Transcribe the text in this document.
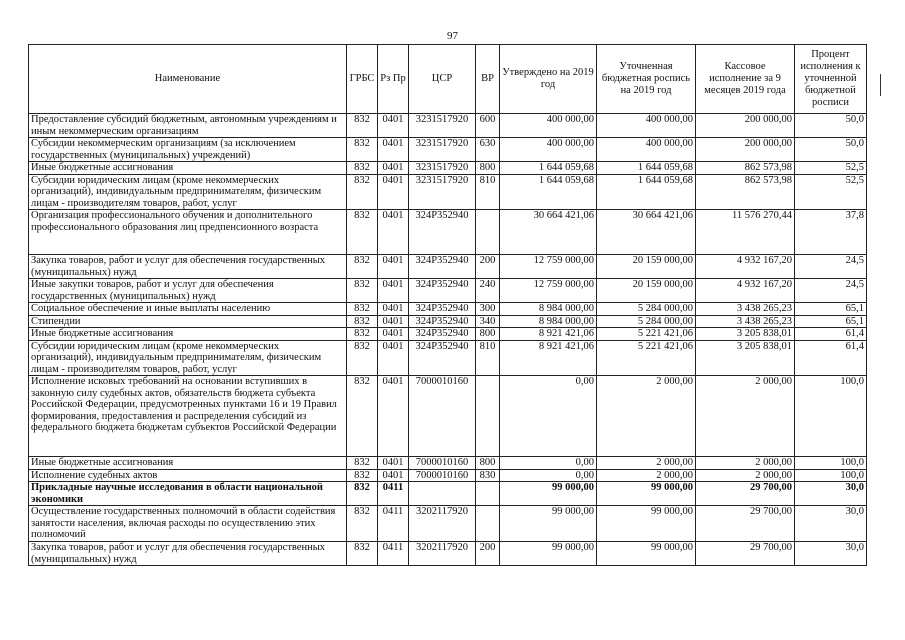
97
Наименование	ГРБС	Рз Пр	ЦСР	ВР	Утверждено на 2019 год	Уточненная бюджетная роспись на 2019 год	Кассовое исполнение за 9 месяцев 2019 года	Процент исполнения к уточненной бюджетной росписи
Предоставление субсидий бюджетным, автономным учреждениям и иным некоммерческим организациям	832	0401	3231517920	600	400 000,00	400 000,00	200 000,00	50,0
Субсидии некоммерческим организациям (за исключением государственных (муниципальных) учреждений)	832	0401	3231517920	630	400 000,00	400 000,00	200 000,00	50,0
Иные бюджетные ассигнования	832	0401	3231517920	800	1 644 059,68	1 644 059,68	862 573,98	52,5
Субсидии юридическим лицам (кроме некоммерческих организаций), индивидуальным предпринимателям, физическим лицам - производителям товаров, работ, услуг	832	0401	3231517920	810	1 644 059,68	1 644 059,68	862 573,98	52,5
Организация профессионального обучения и дополнительного профессионального образования лиц предпенсионного возраста	832	0401	324Р352940		30 664 421,06	30 664 421,06	11 576 270,44	37,8
Закупка товаров, работ и услуг для обеспечения государственных (муниципальных) нужд	832	0401	324Р352940	200	12 759 000,00	20 159 000,00	4 932 167,20	24,5
Иные закупки товаров, работ и услуг для обеспечения государственных (муниципальных) нужд	832	0401	324Р352940	240	12 759 000,00	20 159 000,00	4 932 167,20	24,5
Социальное обеспечение и иные выплаты населению	832	0401	324Р352940	300	8 984 000,00	5 284 000,00	3 438 265,23	65,1
Стипендии	832	0401	324Р352940	340	8 984 000,00	5 284 000,00	3 438 265,23	65,1
Иные бюджетные ассигнования	832	0401	324Р352940	800	8 921 421,06	5 221 421,06	3 205 838,01	61,4
Субсидии юридическим лицам (кроме некоммерческих организаций), индивидуальным предпринимателям, физическим лицам - производителям товаров, работ, услуг	832	0401	324Р352940	810	8 921 421,06	5 221 421,06	3 205 838,01	61,4
Исполнение исковых требований на основании вступивших в законную силу судебных актов, обязательств бюджета субъекта Российской Федерации, предусмотренных пунктами 16 и 19 Правил формирования, предоставления и распределения субсидий из федерального бюджета бюджетам субъектов Российской Федерации	832	0401	7000010160		0,00	2 000,00	2 000,00	100,0
Иные бюджетные ассигнования	832	0401	7000010160	800	0,00	2 000,00	2 000,00	100,0
Исполнение судебных актов	832	0401	7000010160	830	0,00	2 000,00	2 000,00	100,0
Прикладные научные исследования в области национальной экономики	832	0411			99 000,00	99 000,00	29 700,00	30,0
Осуществление государственных полномочий в области содействия занятости населения, включая расходы по осуществлению этих полномочий	832	0411	3202117920		99 000,00	99 000,00	29 700,00	30,0
Закупка товаров, работ и услуг для обеспечения государственных (муниципальных) нужд	832	0411	3202117920	200	99 000,00	99 000,00	29 700,00	30,0
